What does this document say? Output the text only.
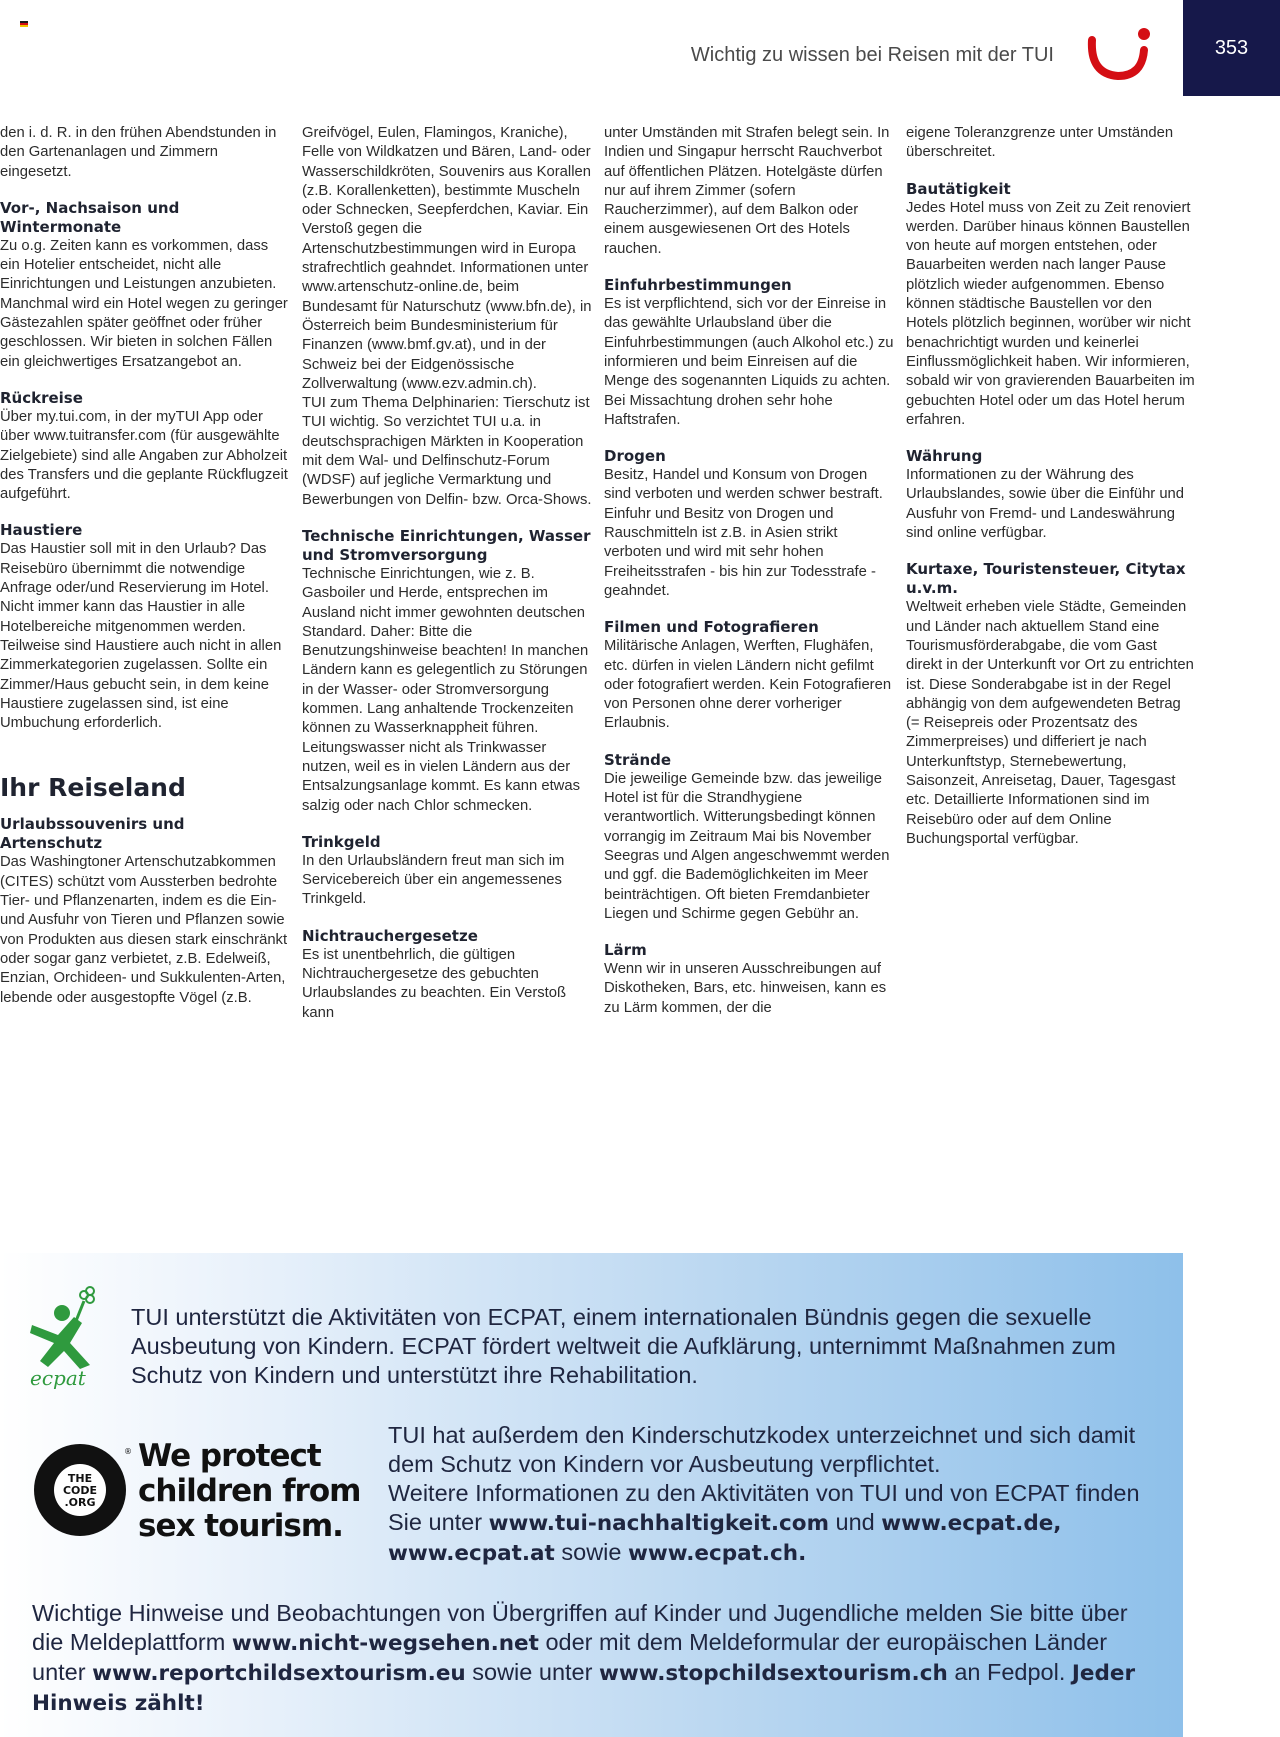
Wichtig zu wissen bei Reisen mit der TUI	353

den i. d. R. in den frühen Abendstunden in den Gartenanlagen und Zimmern eingesetzt.

Vor-, Nachsaison und Wintermonate

Zu o.g. Zeiten kann es vorkommen, dass ein Hotelier entscheidet, nicht alle Einrichtungen und Leistungen anzubieten. Manchmal wird ein Hotel wegen zu geringer Gästezahlen später geöffnet oder früher geschlossen. Wir bieten in solchen Fällen ein gleichwertiges Ersatzangebot an.

Rückreise

Über my.tui.com, in der myTUI App oder über www.tuitransfer.com (für ausgewählte Zielgebiete) sind alle Angaben zur Abholzeit des Transfers und die geplante Rückflugzeit aufgeführt.

Haustiere

Das Haustier soll mit in den Urlaub? Das Reisebüro übernimmt die notwendige Anfrage oder/und Reservierung im Hotel. Nicht immer kann das Haustier in alle Hotelbereiche mitgenommen werden. Teilweise sind Haustiere auch nicht in allen Zimmerkategorien zugelassen. Sollte ein Zimmer/Haus gebucht sein, in dem keine Haustiere zugelassen sind, ist eine Umbuchung erforderlich.

Ihr Reiseland
Urlaubssouvenirs und Artenschutz

Das Washingtoner Artenschutzabkommen (CITES) schützt vom Aussterben bedrohte Tier- und Pflanzenarten, indem es die Ein- und Ausfuhr von Tieren und Pflanzen sowie von Produkten aus diesen stark einschränkt oder sogar ganz verbietet, z.B. Edelweiß, Enzian, Orchideen- und Sukkulenten-Arten, lebende oder ausgestopfte Vögel (z.B.

Greifvögel, Eulen, Flamingos, Kraniche), Felle von Wildkatzen und Bären, Land- oder Wasserschildkröten, Souvenirs aus Korallen (z.B. Korallenketten), bestimmte Muscheln oder Schnecken, Seepferdchen, Kaviar. Ein Verstoß gegen die Artenschutzbestimmungen wird in Europa strafrechtlich geahndet. Informationen unter www.artenschutz-online.de, beim Bundesamt für Naturschutz (www.bfn.de), in Österreich beim Bundesministerium für Finanzen (www.bmf.gv.at), und in der Schweiz bei der Eidgenössische Zollverwaltung (www.ezv.admin.ch).

TUI zum Thema Delphinarien: Tierschutz ist TUI wichtig. So verzichtet TUI u.a. in deutschsprachigen Märkten in Kooperation mit dem Wal- und Delfinschutz-Forum (WDSF) auf jegliche Vermarktung und Bewerbungen von Delfin- bzw. Orca-Shows.

Technische Einrichtungen, Wasser und Stromversorgung

Technische Einrichtungen, wie z. B. Gasboiler und Herde, entsprechen im Ausland nicht immer gewohnten deutschen Standard. Daher: Bitte die Benutzungshinweise beachten! In manchen Ländern kann es gelegentlich zu Störungen in der Wasser- oder Stromversorgung kommen. Lang anhaltende Trockenzeiten können zu Wasserknappheit führen. Leitungswasser nicht als Trinkwasser nutzen, weil es in vielen Ländern aus der Entsalzungsanlage kommt. Es kann etwas salzig oder nach Chlor schmecken.

Trinkgeld

In den Urlaubsländern freut man sich im Servicebereich über ein angemessenes Trinkgeld.

Nichtrauchergesetze

Es ist unentbehrlich, die gültigen Nichtrauchergesetze des gebuchten Urlaubslandes zu beachten. Ein Verstoß kann

unter Umständen mit Strafen belegt sein. In Indien und Singapur herrscht Rauchverbot auf öffentlichen Plätzen. Hotelgäste dürfen nur auf ihrem Zimmer (sofern Raucherzimmer), auf dem Balkon oder einem ausgewiesenen Ort des Hotels rauchen.

Einfuhrbestimmungen

Es ist verpflichtend, sich vor der Einreise in das gewählte Urlaubsland über die Einfuhrbestimmungen (auch Alkohol etc.) zu informieren und beim Einreisen auf die Menge des sogenannten Liquids zu achten. Bei Missachtung drohen sehr hohe Haftstrafen.

Drogen

Besitz, Handel und Konsum von Drogen sind verboten und werden schwer bestraft. Einfuhr und Besitz von Drogen und Rauschmitteln ist z.B. in Asien strikt verboten und wird mit sehr hohen Freiheitsstrafen - bis hin zur Todesstrafe - geahndet.

Filmen und Fotografieren

Militärische Anlagen, Werften, Flughäfen, etc. dürfen in vielen Ländern nicht gefilmt oder fotografiert werden. Kein Fotografieren von Personen ohne derer vorheriger Erlaubnis.

Strände

Die jeweilige Gemeinde bzw. das jeweilige Hotel ist für die Strandhygiene verantwortlich. Witterungsbedingt können vorrangig im Zeitraum Mai bis November Seegras und Algen angeschwemmt werden und ggf. die Bademöglichkeiten im Meer beinträchtigen. Oft bieten Fremdanbieter Liegen und Schirme gegen Gebühr an.

Lärm

Wenn wir in unseren Ausschreibungen auf Diskotheken, Bars, etc. hinweisen, kann es zu Lärm kommen, der die

eigene Toleranzgrenze unter Umständen überschreitet.

Bautätigkeit

Jedes Hotel muss von Zeit zu Zeit renoviert werden. Darüber hinaus können Baustellen von heute auf morgen entstehen, oder Bauarbeiten werden nach langer Pause plötzlich wieder aufgenommen. Ebenso können städtische Baustellen vor den Hotels plötzlich beginnen, worüber wir nicht benachrichtigt wurden und keinerlei Einflussmöglichkeit haben. Wir informieren, sobald wir von gravierenden Bauarbeiten im gebuchten Hotel oder um das Hotel herum erfahren.

Währung

Informationen zu der Währung des Urlaubslandes, sowie über die Einführ und Ausfuhr von Fremd- und Landeswährung sind online verfügbar.

Kurtaxe, Touristensteuer, Citytax u.v.m.

Weltweit erheben viele Städte, Gemeinden und Länder nach aktuellem Stand eine Tourismusförderabgabe, die vom Gast direkt in der Unterkunft vor Ort zu entrichten ist. Diese Sonderabgabe ist in der Regel abhängig von dem aufgewendeten Betrag (= Reisepreis oder Prozentsatz des Zimmerpreises) und differiert je nach Unterkunftstyp, Sternebewertung, Saisonzeit, Anreisetag, Dauer, Tagesgast etc. Detaillierte Informationen sind im Reisebüro oder auf dem Online Buchungsportal verfügbar.

ecpat
TUI unterstützt die Aktivitäten von ECPAT, einem internationalen Bündnis gegen die sexuelle Ausbeutung von Kindern. ECPAT fördert weltweit die Aufklärung, unternimmt Maßnahmen zum Schutz von Kindern und unterstützt ihre Rehabilitation.
THE
CODE
.ORG
® We protect
children from
sex tourism.
TUI hat außerdem den Kinderschutzkodex unterzeichnet und sich damit dem Schutz von Kindern vor Ausbeutung verpflichtet.
Weitere Informationen zu den Aktivitäten von TUI und von ECPAT finden Sie unter www.tui-nachhaltigkeit.com und www.ecpat.de, www.ecpat.at sowie www.ecpat.ch.
Wichtige Hinweise und Beobachtungen von Übergriffen auf Kinder und Jugendliche melden Sie bitte über die Meldeplattform www.nicht-wegsehen.net oder mit dem Meldeformular der europäischen Länder unter www.reportchildsextourism.eu sowie unter www.stopchildsextourism.ch an Fedpol. Jeder Hinweis zählt!
